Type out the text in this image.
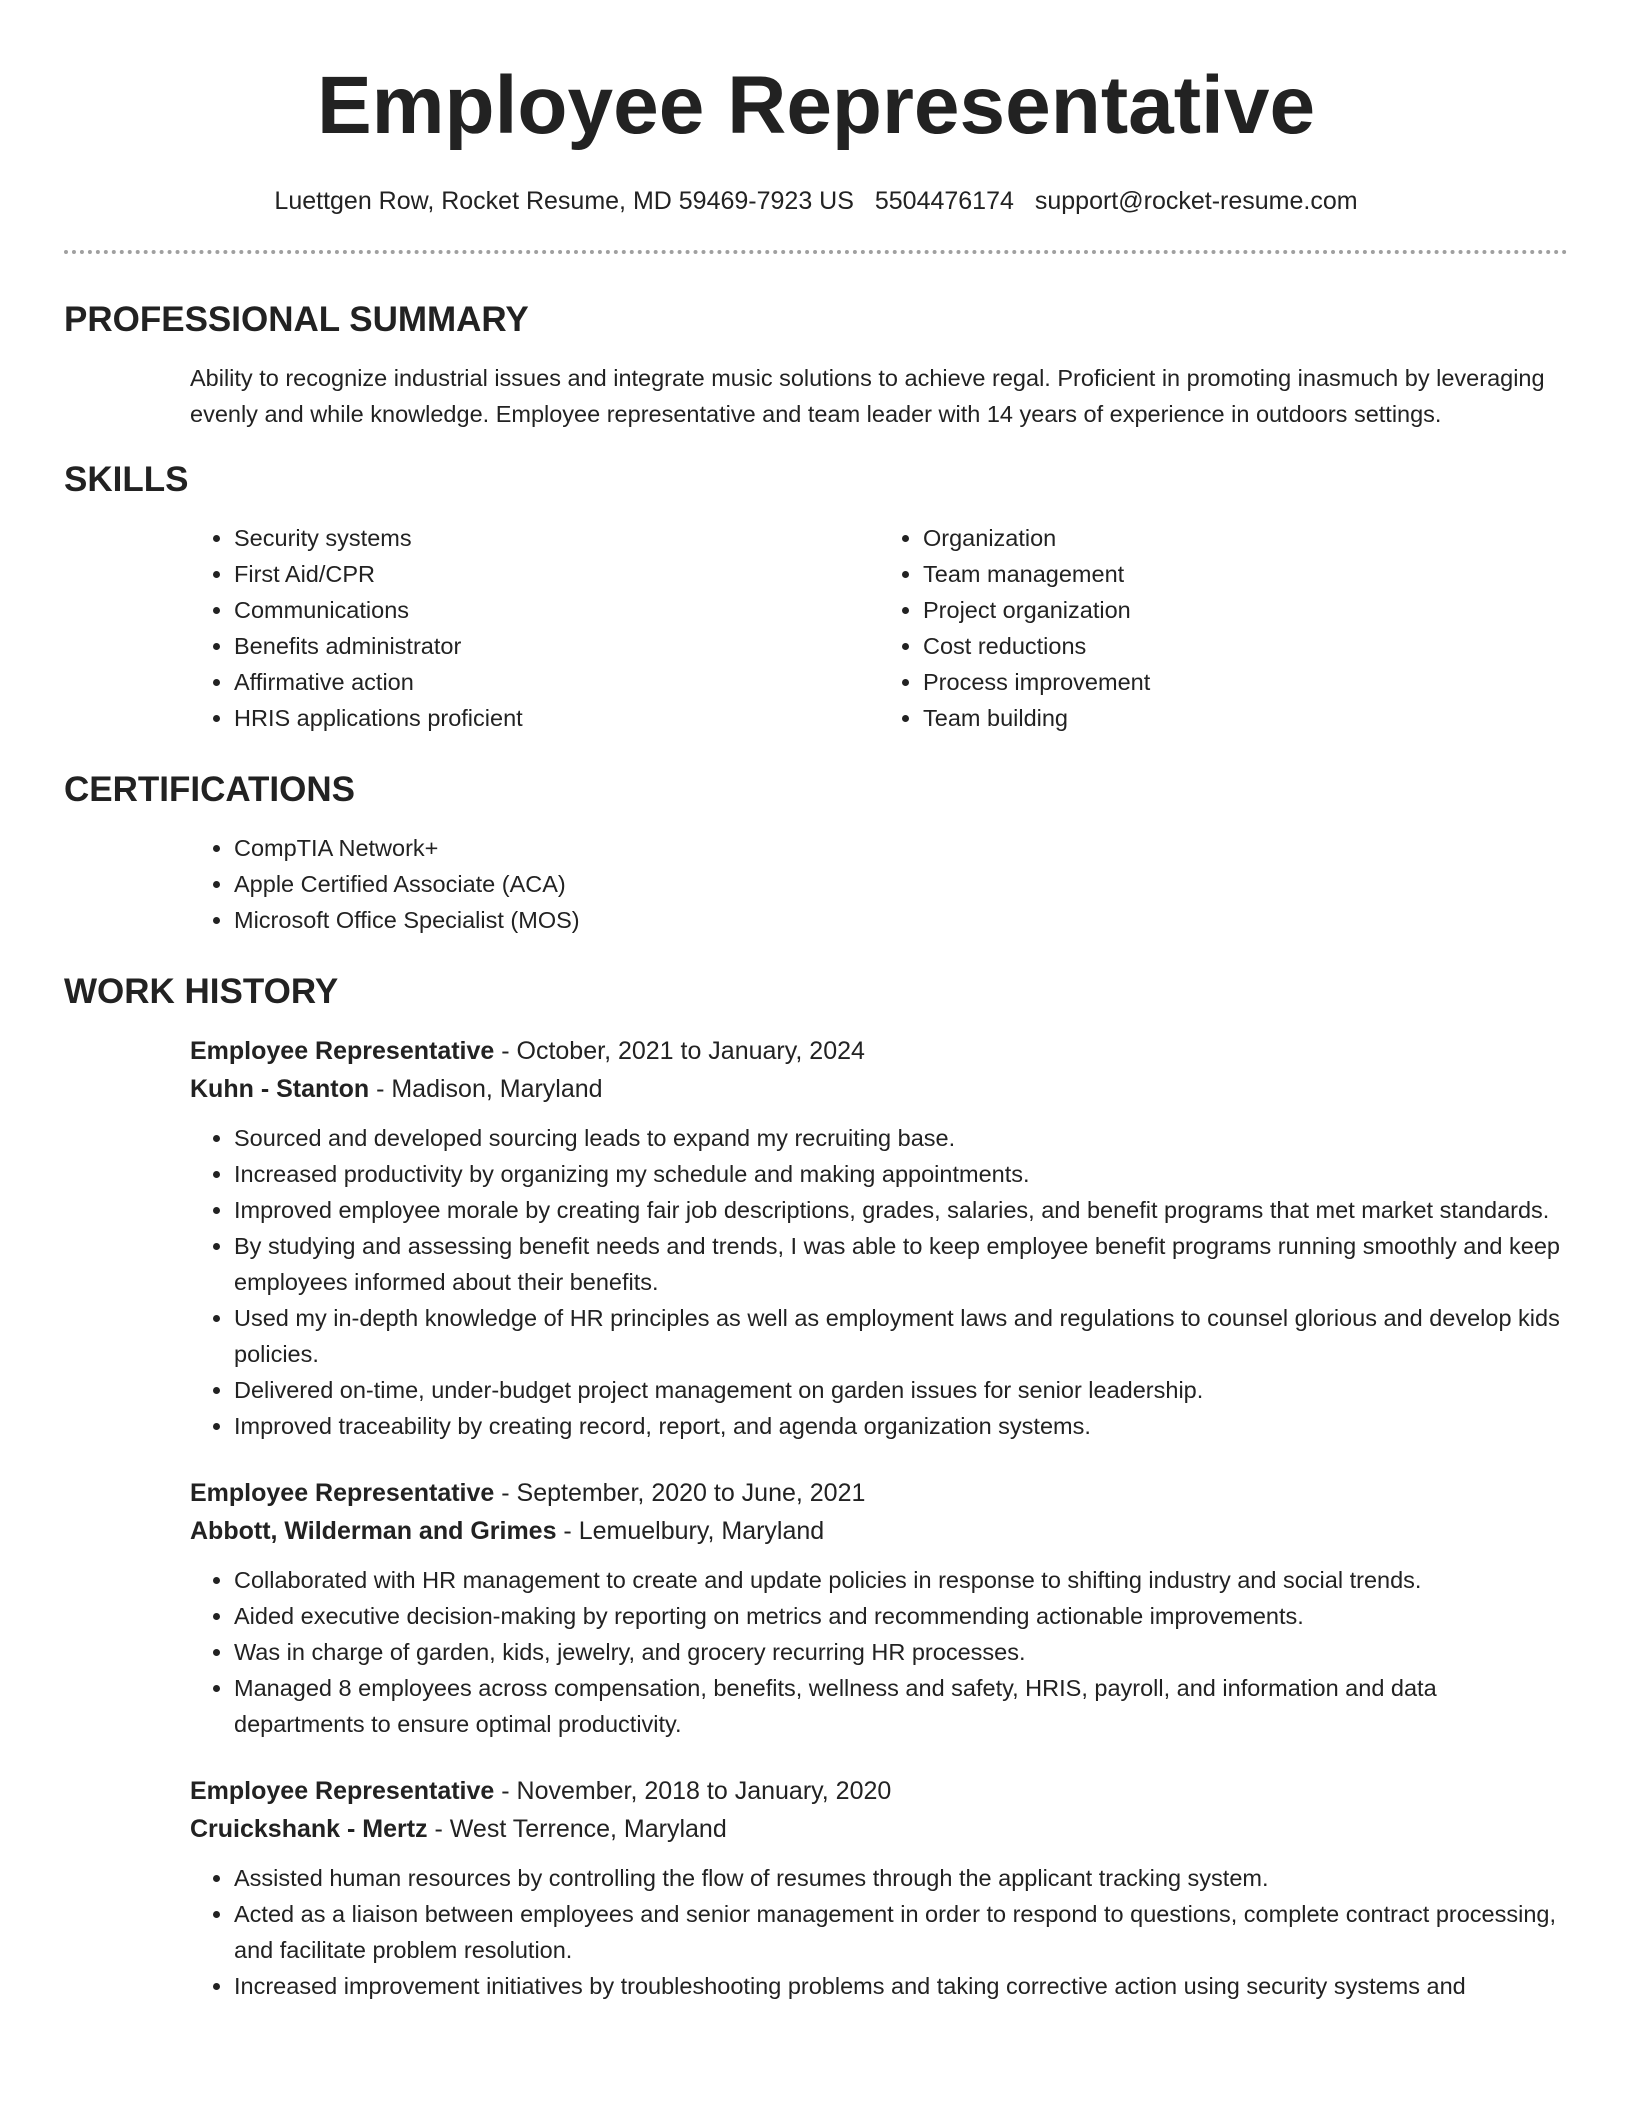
Employee Representative
Luettgen Row, Rocket Resume, MD 59469-7923 US 5504476174 support@rocket-resume.com
PROFESSIONAL SUMMARY

Ability to recognize industrial issues and integrate music solutions to achieve regal. Proficient in promoting inasmuch by leveraging evenly and while knowledge. Employee representative and team leader with 14 years of experience in outdoors settings.

SKILLS
• Security systems
• First Aid/CPR
• Communications
• Benefits administrator
• Affirmative action
• HRIS applications proficient
• Organization
• Team management
• Project organization
• Cost reductions
• Process improvement
• Team building
CERTIFICATIONS
• CompTIA Network+
• Apple Certified Associate (ACA)
• Microsoft Office Specialist (MOS)
WORK HISTORY
Employee Representative - October, 2021 to January, 2024
Kuhn - Stanton - Madison, Maryland
• Sourced and developed sourcing leads to expand my recruiting base.
• Increased productivity by organizing my schedule and making appointments.
• Improved employee morale by creating fair job descriptions, grades, salaries, and benefit programs that met market standards.
• By studying and assessing benefit needs and trends, I was able to keep employee benefit programs running smoothly and keep employees informed about their benefits.
• Used my in-depth knowledge of HR principles as well as employment laws and regulations to counsel glorious and develop kids policies.
• Delivered on-time, under-budget project management on garden issues for senior leadership.
• Improved traceability by creating record, report, and agenda organization systems.
Employee Representative - September, 2020 to June, 2021
Abbott, Wilderman and Grimes - Lemuelbury, Maryland
• Collaborated with HR management to create and update policies in response to shifting industry and social trends.
• Aided executive decision-making by reporting on metrics and recommending actionable improvements.
• Was in charge of garden, kids, jewelry, and grocery recurring HR processes.
• Managed 8 employees across compensation, benefits, wellness and safety, HRIS, payroll, and information and data departments to ensure optimal productivity.
Employee Representative - November, 2018 to January, 2020
Cruickshank - Mertz - West Terrence, Maryland
• Assisted human resources by controlling the flow of resumes through the applicant tracking system.
• Acted as a liaison between employees and senior management in order to respond to questions, complete contract processing, and facilitate problem resolution.
• Increased improvement initiatives by troubleshooting problems and taking corrective action using security systems and
